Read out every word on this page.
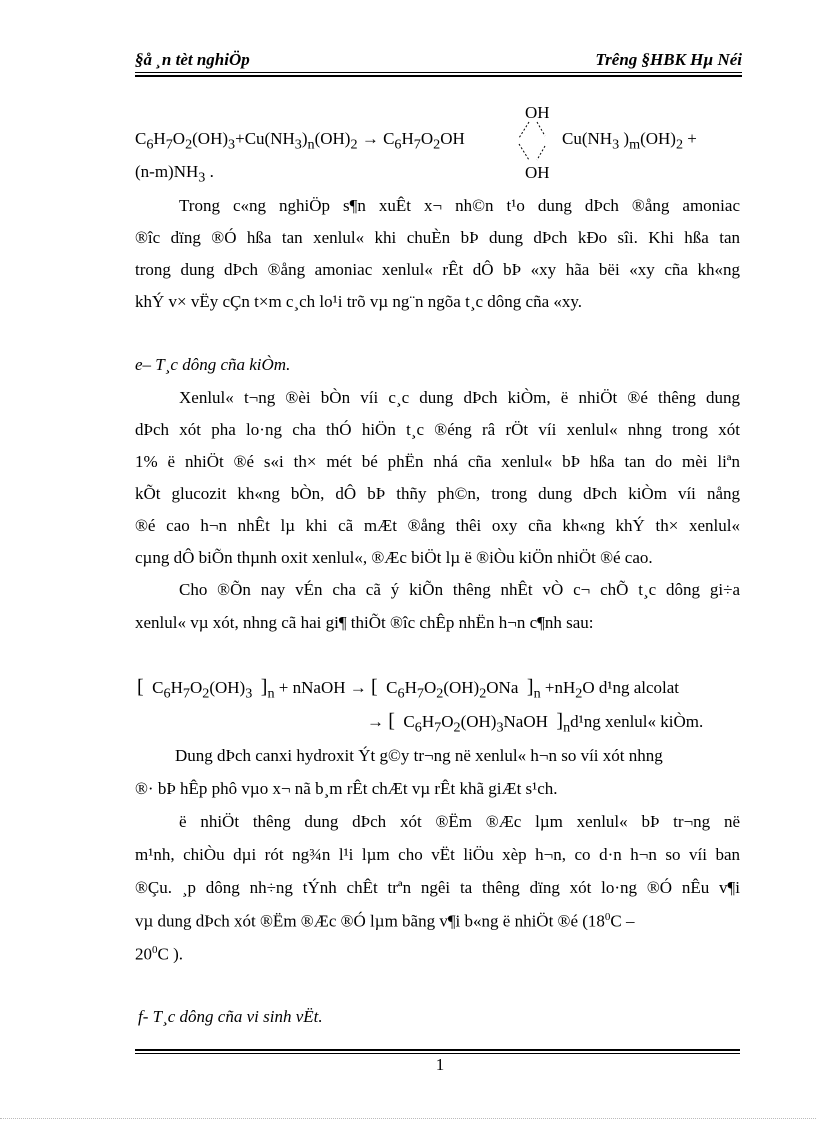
§å ¸n tèt nghiÖp	Trêng §HBK Hµ Néi
$C_6H_7O_2(OH)_3+Cu(NH_3)_n(OH)_2 \to C_6H_7O_2OH$
OH
OH
$Cu(NH_3$ )$_m(OH)_2$ +
$(n-m)NH_3$ .
Trong c«ng nghiÖp s¶n xuÊt x¬ nh©n t¹o dung dÞch ®ång amoniac
®îc dïng ®Ó hßa tan xenlul« khi chuÈn bÞ dung dÞch kÐo sîi. Khi hßa tan
trong dung dÞch ®ång amoniac xenlul« rÊt dÔ bÞ «xy hãa bëi «xy cña kh«ng
khÝ v× vËy cÇn t×m c¸ch lo¹i trõ vµ ng¨n ngõa t¸c dông cña «xy.
e– T¸c dông cña kiÒm.
Xenlul« t¬ng ®èi bÒn víi c¸c dung dÞch kiÒm, ë nhiÖt ®é thêng dung
dÞch xót pha lo·ng cha thÓ hiÖn t¸c ®éng râ rÖt víi xenlul« nhng trong xót
1% ë nhiÖt ®é s«i th× mét bé phËn nhá cña xenlul« bÞ hßa tan do mèi liªn
kÕt glucozit kh«ng bÒn, dÔ bÞ thñy ph©n, trong dung dÞch kiÒm víi nång
®é cao h¬n nhÊt lµ khi cã mÆt ®ång thêi oxy cña kh«ng khÝ th× xenlul«
cµng dÔ biÕn thµnh oxit xenlul«, ®Æc biÖt lµ ë ®iÒu kiÖn nhiÖt ®é cao.
Cho ®Õn nay vÉn cha cã ý kiÕn thêng nhÊt vÒ c¬ chÕ t¸c dông gi÷a
xenlul« vµ xót, nhng cã hai gi¶ thiÕt ®îc chÊp nhËn h¬n c¶nh sau:
[ $C_6H_7O_2(OH)_3$ ]$_n$ + nNaOH → [ $C_6H_7O_2(OH)_2ONa$ ]$_n +nH_2O$ d¹ng alcolat
→ [ $C_6H_7O_2(OH)_3NaOH$ ]$_nd^1ng$ xenlul« kiÒm.
Dung dÞch canxi hydroxit Ýt g©y tr¬ng në xenlul« h¬n so víi xót nhng
®· bÞ hÊp phô vµo x¬ nã b¸m rÊt chÆt vµ rÊt khã giÆt s¹ch.
ë nhiÖt thêng dung dÞch xót ®Ëm ®Æc lµm xenlul« bÞ tr¬ng në
m¹nh, chiÒu dµi rót ng¾n l¹i lµm cho vËt liÖu xèp h¬n, co d·n h¬n so víi ban
®Çu. ¸p dông nh÷ng tÝnh chÊt trªn ngêi ta thêng dïng xót lo·ng ®Ó nÊu v¶i
vµ dung dÞch xót ®Ëm ®Æc ®Ó lµm bãng v¶i b«ng ë nhiÖt ®é ($18^0C$ –
$20^0C$ ).
f- T¸c dông cña vi sinh vËt.
1
